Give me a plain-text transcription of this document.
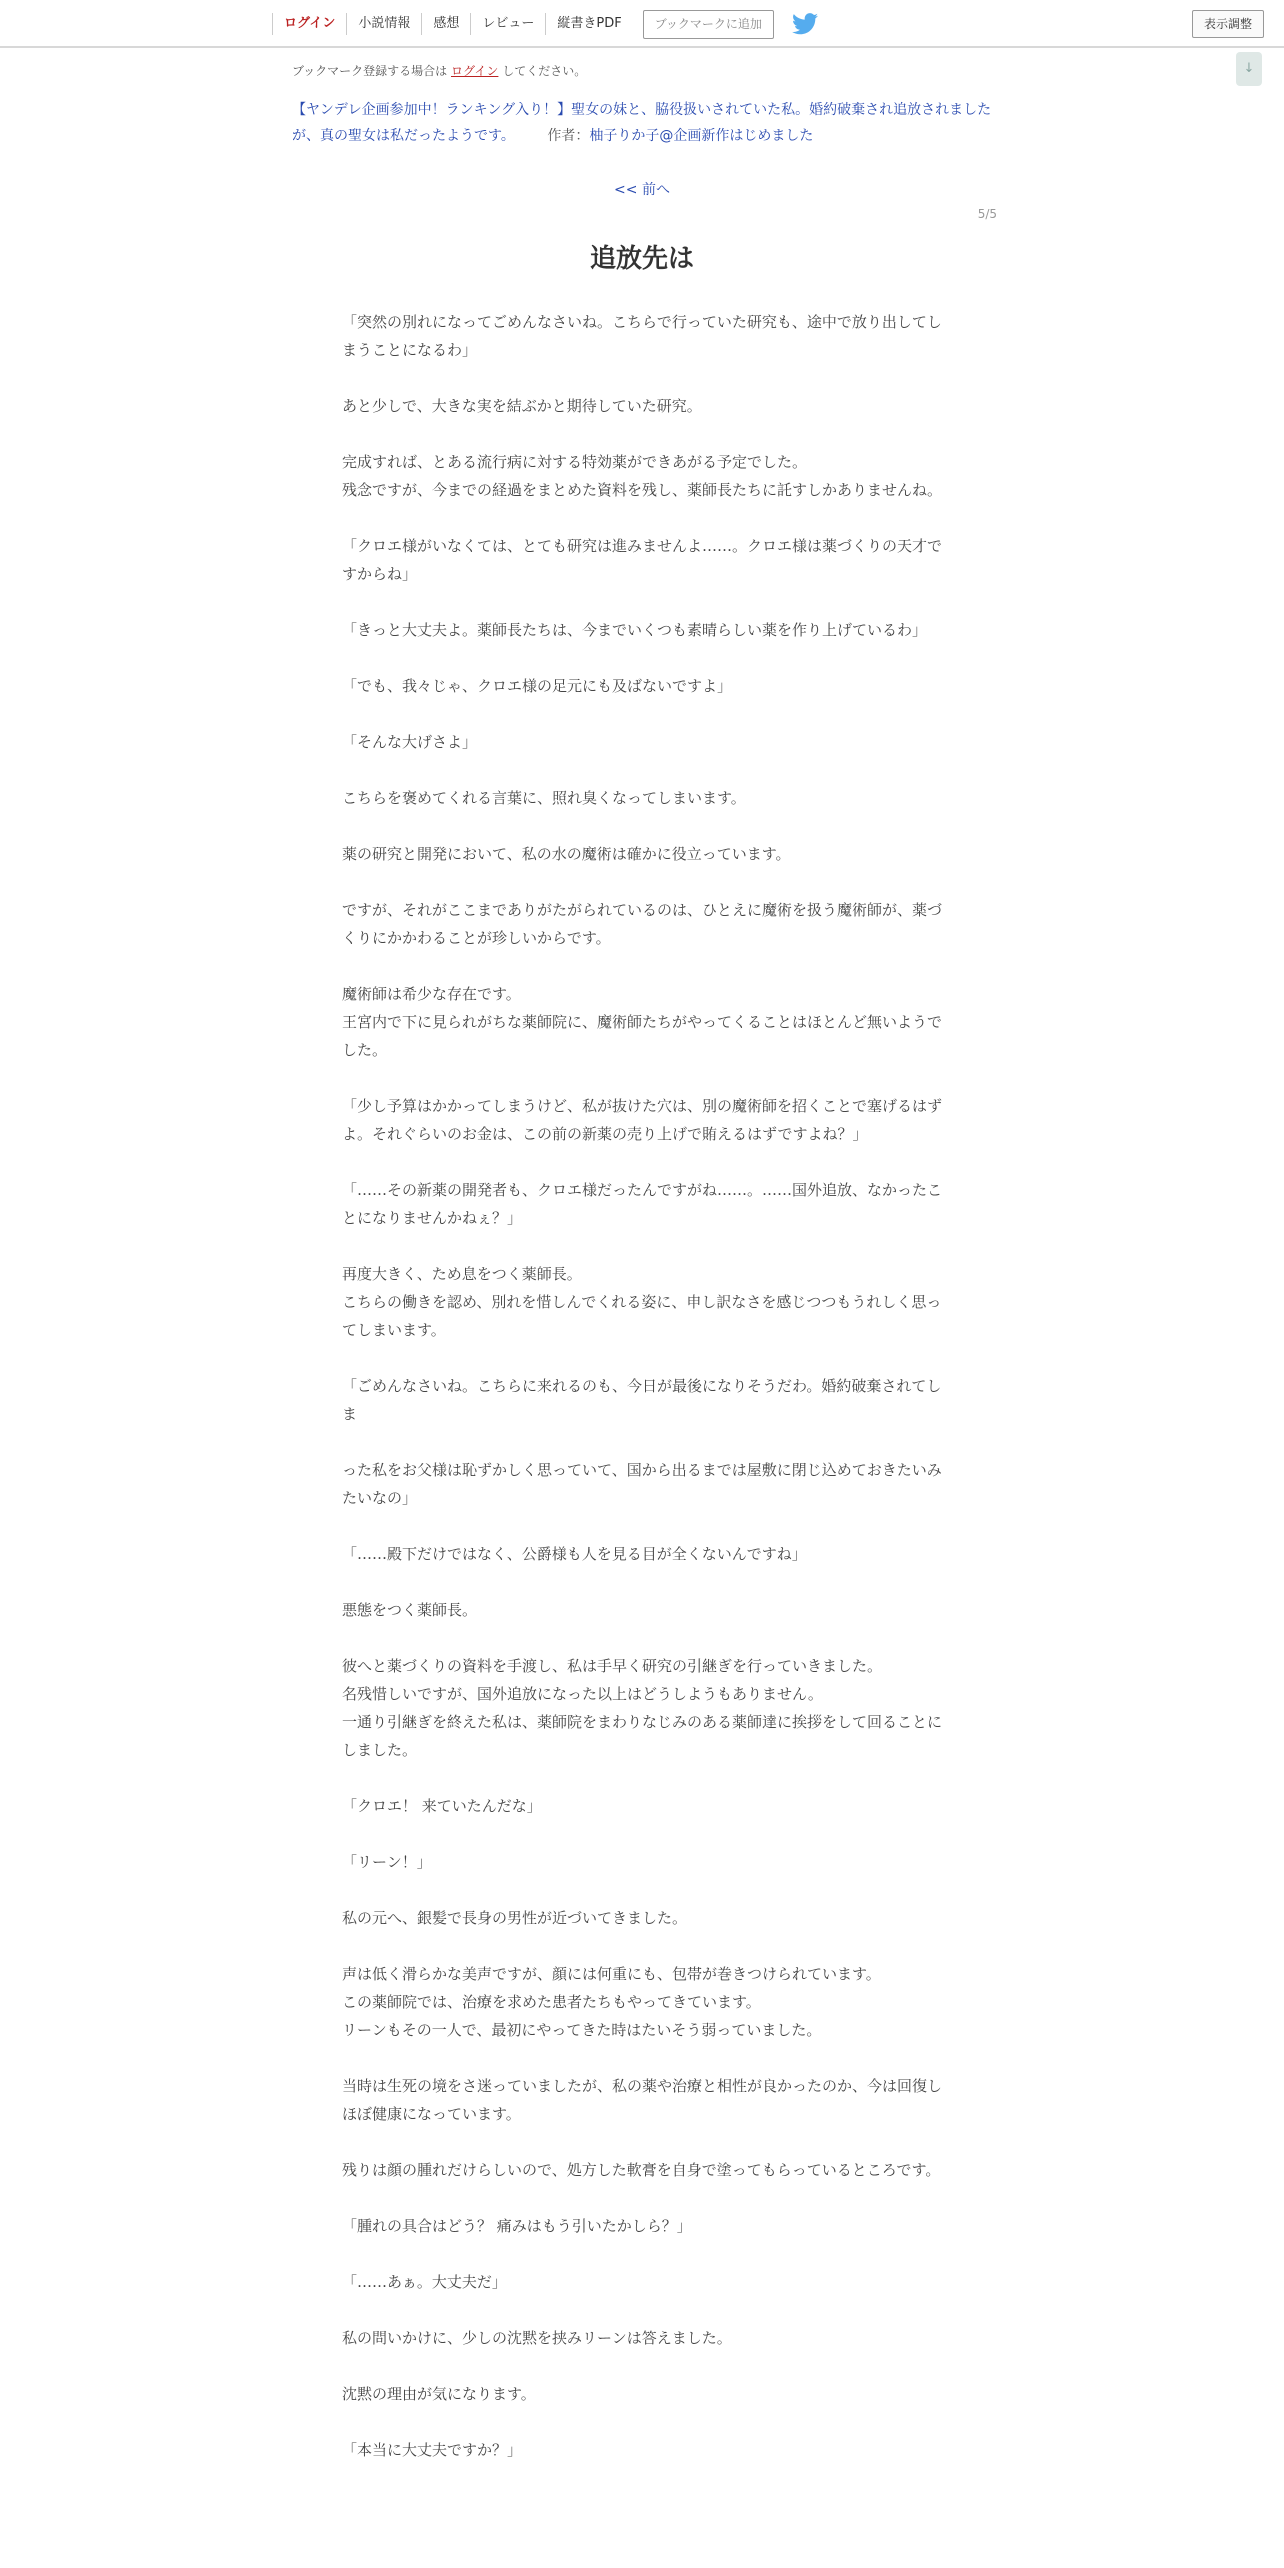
ログイン	小説情報	感想	レビュー	縦書きPDF	ブックマークに追加	表示調整
↓
ブックマーク登録する場合は ログイン してください。
【ヤンデレ企画参加中！ランキング入り！】聖女の妹と、脇役扱いされていた私。婚約破棄され追放されましたが、真の聖女は私だったようです。 作者：柚子りか子@企画新作はじめました
<< 前へ
5/5
追放先は

「突然の別れになってごめんなさいね。こちらで行っていた研究も、途中で放り出してしまうことになるわ」

あと少しで、大きな実を結ぶかと期待していた研究。

完成すれば、とある流行病に対する特効薬ができあがる予定でした。
残念ですが、今までの経過をまとめた資料を残し、薬師長たちに託すしかありませんね。

「クロエ様がいなくては、とても研究は進みませんよ……。クロエ様は薬づくりの天才ですからね」

「きっと大丈夫よ。薬師長たちは、今までいくつも素晴らしい薬を作り上げているわ」

「でも、我々じゃ、クロエ様の足元にも及ばないですよ」

「そんな大げさよ」

こちらを褒めてくれる言葉に、照れ臭くなってしまいます。

薬の研究と開発において、私の水の魔術は確かに役立っています。

ですが、それがここまでありがたがられているのは、ひとえに魔術を扱う魔術師が、薬づくりにかかわることが珍しいからです。

魔術師は希少な存在です。
王宮内で下に見られがちな薬師院に、魔術師たちがやってくることはほとんど無いようでした。

「少し予算はかかってしまうけど、私が抜けた穴は、別の魔術師を招くことで塞げるはずよ。それぐらいのお金は、この前の新薬の売り上げで賄えるはずですよね？」

「……その新薬の開発者も、クロエ様だったんですがね……。……国外追放、なかったことになりませんかねぇ？」

再度大きく、ため息をつく薬師長。
こちらの働きを認め、別れを惜しんでくれる姿に、申し訳なさを感じつつもうれしく思ってしまいます。

「ごめんなさいね。こちらに来れるのも、今日が最後になりそうだわ。婚約破棄されてしま

った私をお父様は恥ずかしく思っていて、国から出るまでは屋敷に閉じ込めておきたいみたいなの」

「……殿下だけではなく、公爵様も人を見る目が全くないんですね」

悪態をつく薬師長。

彼へと薬づくりの資料を手渡し、私は手早く研究の引継ぎを行っていきました。
名残惜しいですが、国外追放になった以上はどうしようもありません。
一通り引継ぎを終えた私は、薬師院をまわりなじみのある薬師達に挨拶をして回ることにしました。

「クロエ！ 来ていたんだな」

「リーン！」

私の元へ、銀髪で長身の男性が近づいてきました。

声は低く滑らかな美声ですが、顔には何重にも、包帯が巻きつけられています。
この薬師院では、治療を求めた患者たちもやってきています。
リーンもその一人で、最初にやってきた時はたいそう弱っていました。

当時は生死の境をさ迷っていましたが、私の薬や治療と相性が良かったのか、今は回復しほぼ健康になっています。

残りは顔の腫れだけらしいので、処方した軟膏を自身で塗ってもらっているところです。

「腫れの具合はどう？ 痛みはもう引いたかしら？」

「……あぁ。大丈夫だ」

私の問いかけに、少しの沈黙を挟みリーンは答えました。

沈黙の理由が気になります。

「本当に大丈夫ですか？」
